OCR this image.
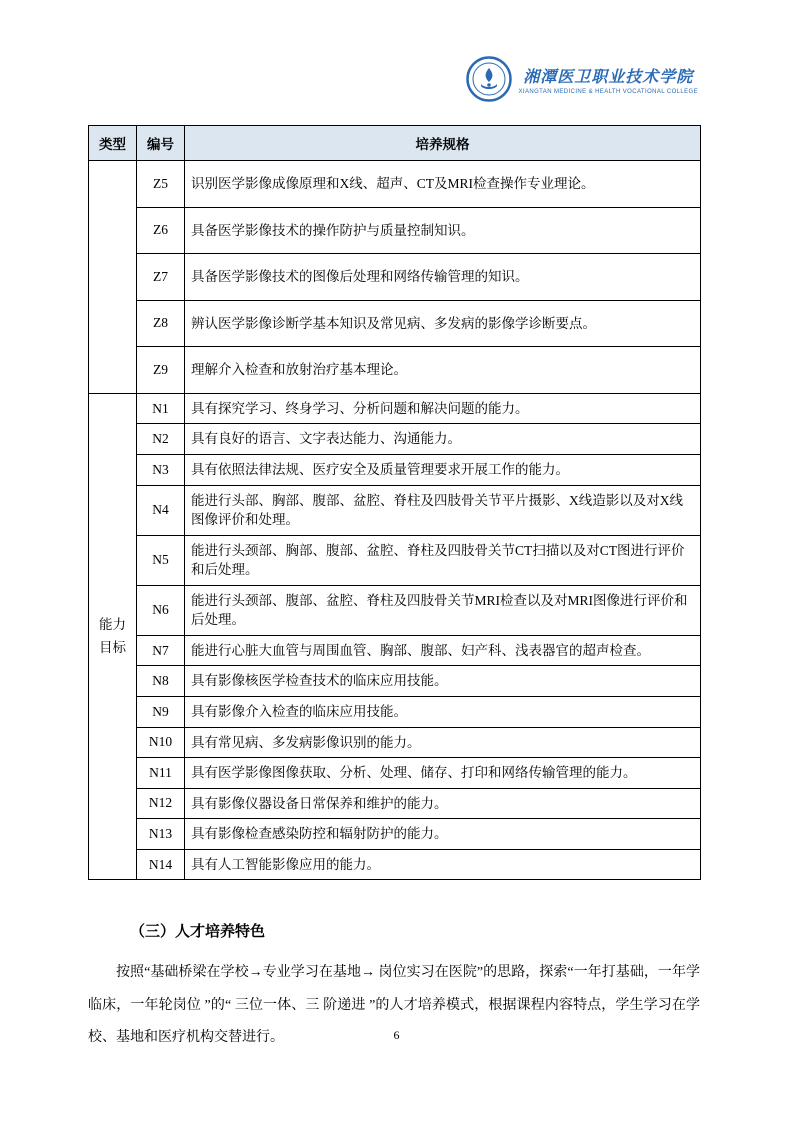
湘潭医卫职业技术学院
XIANGTAN MEDICINE & HEALTH VOCATIONAL COLLEGE
类型	编号	培养规格
	Z5	识别医学影像成像原理和X线、超声、CT及MRI检查操作专业理论。
	Z6	具备医学影像技术的操作防护与质量控制知识。
	Z7	具备医学影像技术的图像后处理和网络传输管理的知识。
	Z8	辨认医学影像诊断学基本知识及常见病、多发病的影像学诊断要点。
	Z9	理解介入检查和放射治疗基本理论。
能力目标	N1	具有探究学习、终身学习、分析问题和解决问题的能力。
	N2	具有良好的语言、文字表达能力、沟通能力。
	N3	具有依照法律法规、医疗安全及质量管理要求开展工作的能力。
	N4	能进行头部、胸部、腹部、盆腔、脊柱及四肢骨关节平片摄影、X线造影以及对X线图像评价和处理。
	N5	能进行头颈部、胸部、腹部、盆腔、脊柱及四肢骨关节CT扫描以及对CT图进行评价和后处理。
	N6	能进行头颈部、腹部、盆腔、脊柱及四肢骨关节MRI检查以及对MRI图像进行评价和后处理。
	N7	能进行心脏大血管与周围血管、胸部、腹部、妇产科、浅表器官的超声检查。
	N8	具有影像核医学检查技术的临床应用技能。
	N9	具有影像介入检查的临床应用技能。
	N10	具有常见病、多发病影像识别的能力。
	N11	具有医学影像图像获取、分析、处理、储存、打印和网络传输管理的能力。
	N12	具有影像仪器设备日常保养和维护的能力。
	N13	具有影像检查感染防控和辐射防护的能力。
	N14	具有人工智能影像应用的能力。
（三）人才培养特色

按照“基础桥梁在学校→专业学习在基地→ 岗位实习在医院”的思路，探索“一年打基础，一年学临床，一年轮岗位 ”的“ 三位一体、三 阶递进 ”的人才培养模式，根据课程内容特点，学生学习在学校、基地和医疗机构交替进行。	6
